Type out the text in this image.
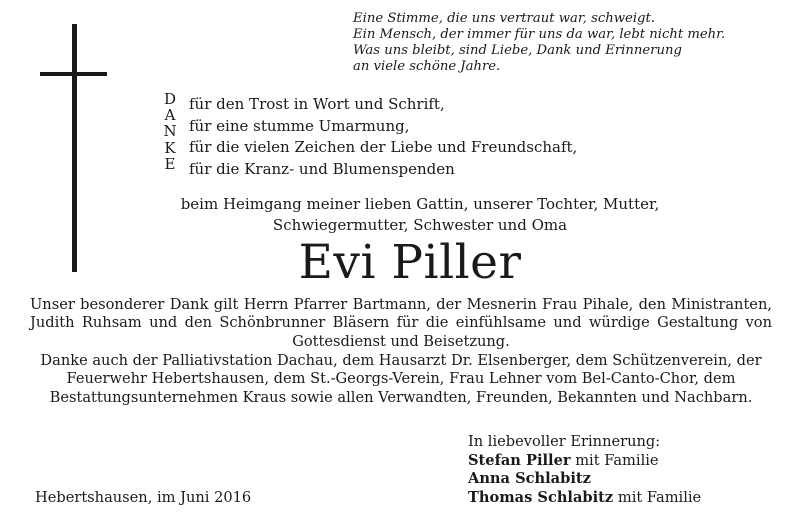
Eine Stimme, die uns vertraut war, schweigt.
Ein Mensch, der immer für uns da war, lebt nicht mehr.
Was uns bleibt, sind Liebe, Dank und Erinnerung
an viele schöne Jahre.
D
A
N
K
E
für den Trost in Wort und Schrift,
für eine stumme Umarmung,
für die vielen Zeichen der Liebe und Freundschaft,
für die Kranz- und Blumenspenden
beim Heimgang meiner lieben Gattin, unserer Tochter, Mutter,
Schwiegermutter, Schwester und Oma
Evi Piller
Unser besonderer Dank gilt Herrn Pfarrer Bartmann, der Mesnerin Frau Pihale, den Ministranten, Judith Ruhsam und den Schönbrunner Bläsern für die einfühlsame und würdige Gestaltung von Gottesdienst und Beisetzung.
Danke auch der Palliativstation Dachau, dem Hausarzt Dr. Elsenberger, dem Schützenverein, der Feuerwehr Hebertshausen, dem St.-Georgs-Verein, Frau Lehner vom Bel-Canto-Chor, dem Bestattungsunternehmen Kraus sowie allen Verwandten, Freunden, Bekannten und Nachbarn.
In liebevoller Erinnerung:
Stefan Piller mit Familie
Anna Schlabitz
Thomas Schlabitz mit Familie
Hebertshausen, im Juni 2016
